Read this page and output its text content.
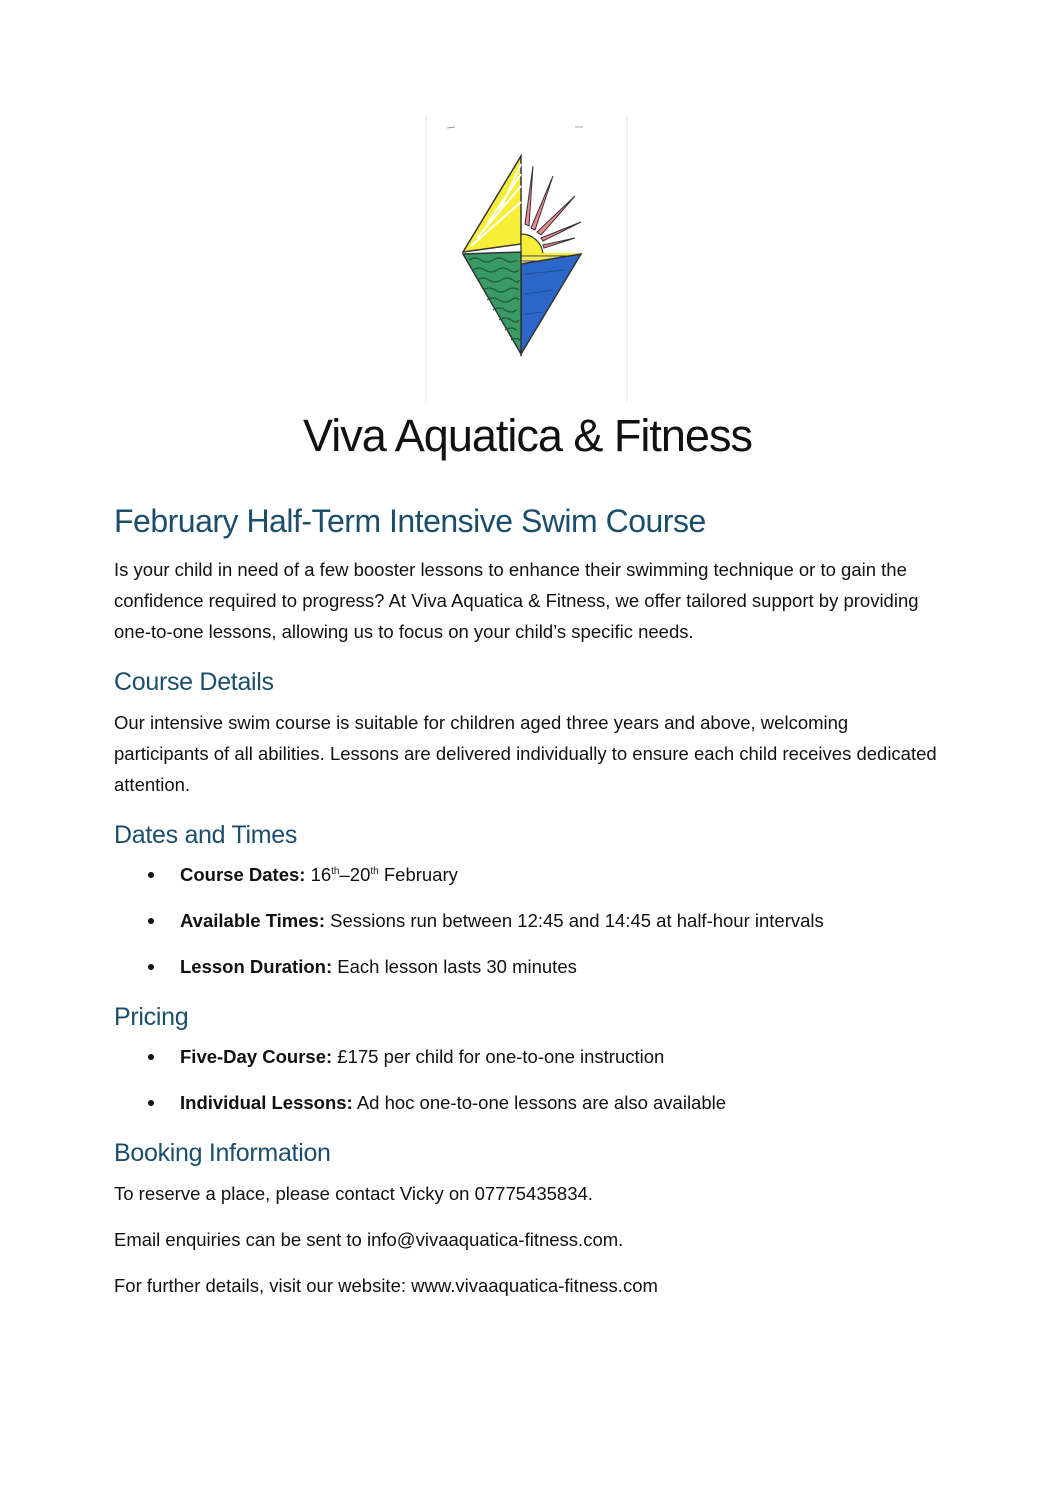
Viva Aquatica & Fitness
February Half-Term Intensive Swim Course

Is your child in need of a few booster lessons to enhance their swimming technique or to gain the confidence required to progress? At Viva Aquatica & Fitness, we offer tailored support by providing one-to-one lessons, allowing us to focus on your child’s specific needs.

Course Details

Our intensive swim course is suitable for children aged three years and above, welcoming participants of all abilities. Lessons are delivered individually to ensure each child receives dedicated attention.

Dates and Times
Course Dates: 16th–20th February
Available Times: Sessions run between 12:45 and 14:45 at half-hour intervals
Lesson Duration: Each lesson lasts 30 minutes
Pricing
Five-Day Course: £175 per child for one-to-one instruction
Individual Lessons: Ad hoc one-to-one lessons are also available
Booking Information

To reserve a place, please contact Vicky on 07775435834.

Email enquiries can be sent to info@vivaaquatica-fitness.com.

For further details, visit our website: www.vivaaquatica-fitness.com
